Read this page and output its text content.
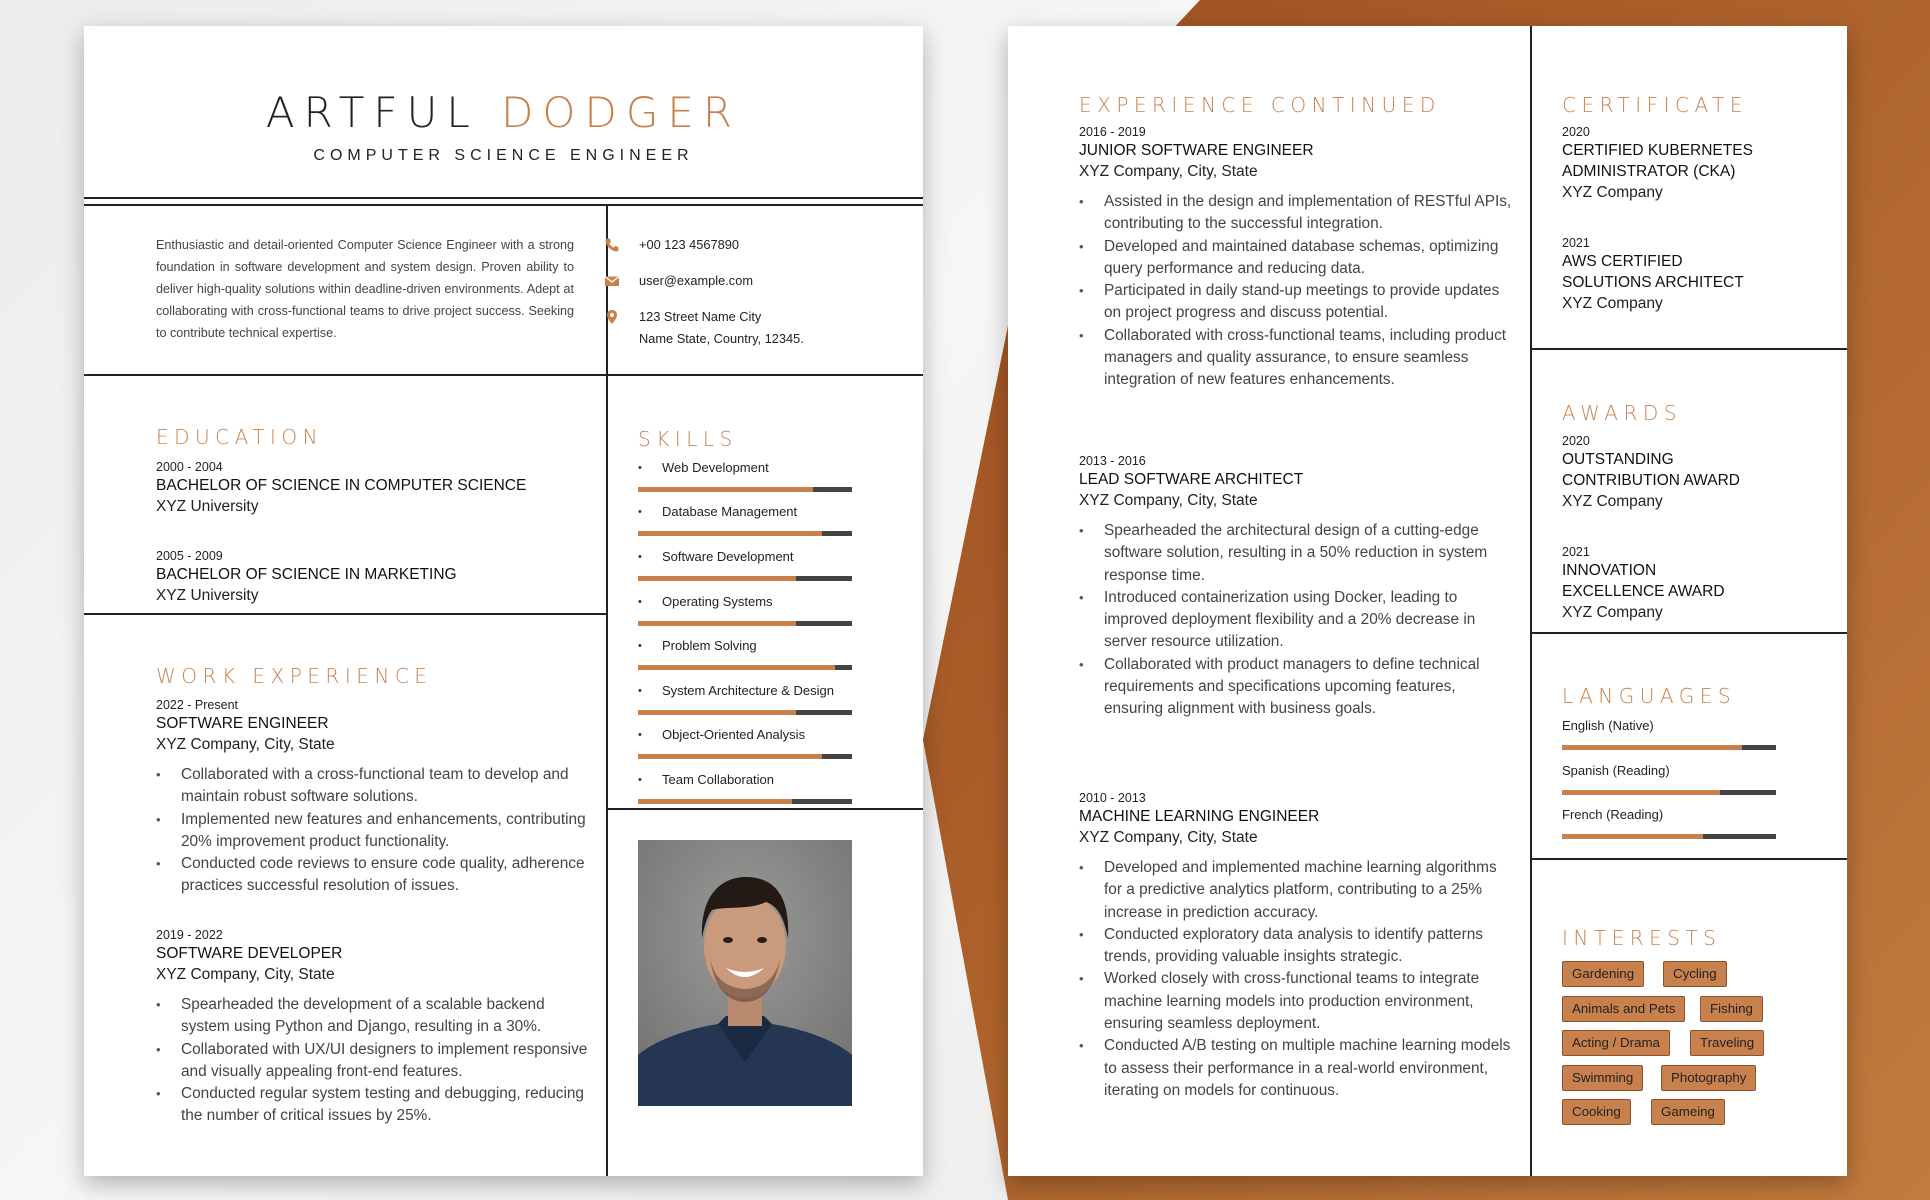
ARTFUL DODGER
COMPUTER SCIENCE ENGINEER
Enthusiastic and detail-oriented Computer Science Engineer with a strong foundation in software development and system design. Proven ability to deliver high-quality solutions within deadline-driven environments. Adept at collaborating with cross-functional teams to drive project success. Seeking to contribute technical expertise.
+00 123 4567890
user@example.com
123 Street Name City
Name State, Country, 12345.
EDUCATION
2000 - 2004
BACHELOR OF SCIENCE IN COMPUTER SCIENCE
XYZ University
2005 - 2009
BACHELOR OF SCIENCE IN MARKETING
XYZ University
WORK EXPERIENCE
2022 - Present
SOFTWARE ENGINEER
XYZ Company, City, State
• Collaborated with a cross-functional team to develop and maintain robust software solutions.
• Implemented new features and enhancements, contributing 20% improvement product functionality.
• Conducted code reviews to ensure code quality, adherence practices successful resolution of issues.
2019 - 2022
SOFTWARE DEVELOPER
XYZ Company, City, State
• Spearheaded the development of a scalable backend system using Python and Django, resulting in a 30%.
• Collaborated with UX/UI designers to implement responsive and visually appealing front-end features.
• Conducted regular system testing and debugging, reducing the number of critical issues by 25%.
SKILLS
• Web Development
• Database Management
• Software Development
• Operating Systems
• Problem Solving
• System Architecture & Design
• Object-Oriented Analysis
• Team Collaboration
EXPERIENCE CONTINUED
2016 - 2019
JUNIOR SOFTWARE ENGINEER
XYZ Company, City, State
• Assisted in the design and implementation of RESTful APIs, contributing to the successful integration.
• Developed and maintained database schemas, optimizing query performance and reducing data.
• Participated in daily stand-up meetings to provide updates on project progress and discuss potential.
• Collaborated with cross-functional teams, including product managers and quality assurance, to ensure seamless integration of new features enhancements.
2013 - 2016
LEAD SOFTWARE ARCHITECT
XYZ Company, City, State
• Spearheaded the architectural design of a cutting-edge software solution, resulting in a 50% reduction in system response time.
• Introduced containerization using Docker, leading to improved deployment flexibility and a 20% decrease in server resource utilization.
• Collaborated with product managers to define technical requirements and specifications upcoming features, ensuring alignment with business goals.
2010 - 2013
MACHINE LEARNING ENGINEER
XYZ Company, City, State
• Developed and implemented machine learning algorithms for a predictive analytics platform, contributing to a 25% increase in prediction accuracy.
• Conducted exploratory data analysis to identify patterns trends, providing valuable insights strategic.
• Worked closely with cross-functional teams to integrate machine learning models into production environment, ensuring seamless deployment.
• Conducted A/B testing on multiple machine learning models to assess their performance in a real-world environment, iterating on models for continuous.
CERTIFICATE
2020
CERTIFIED KUBERNETES
ADMINISTRATOR (CKA)
XYZ Company
2021
AWS CERTIFIED
SOLUTIONS ARCHITECT
XYZ Company
AWARDS
2020
OUTSTANDING
CONTRIBUTION AWARD
XYZ Company
2021
INNOVATION
EXCELLENCE AWARD
XYZ Company
LANGUAGES
English (Native)
Spanish (Reading)
French (Reading)
INTERESTS
Gardening	Cycling
Animals and Pets	Fishing
Acting / Drama	Traveling
Swimming	Photography
Cooking	Gameing
